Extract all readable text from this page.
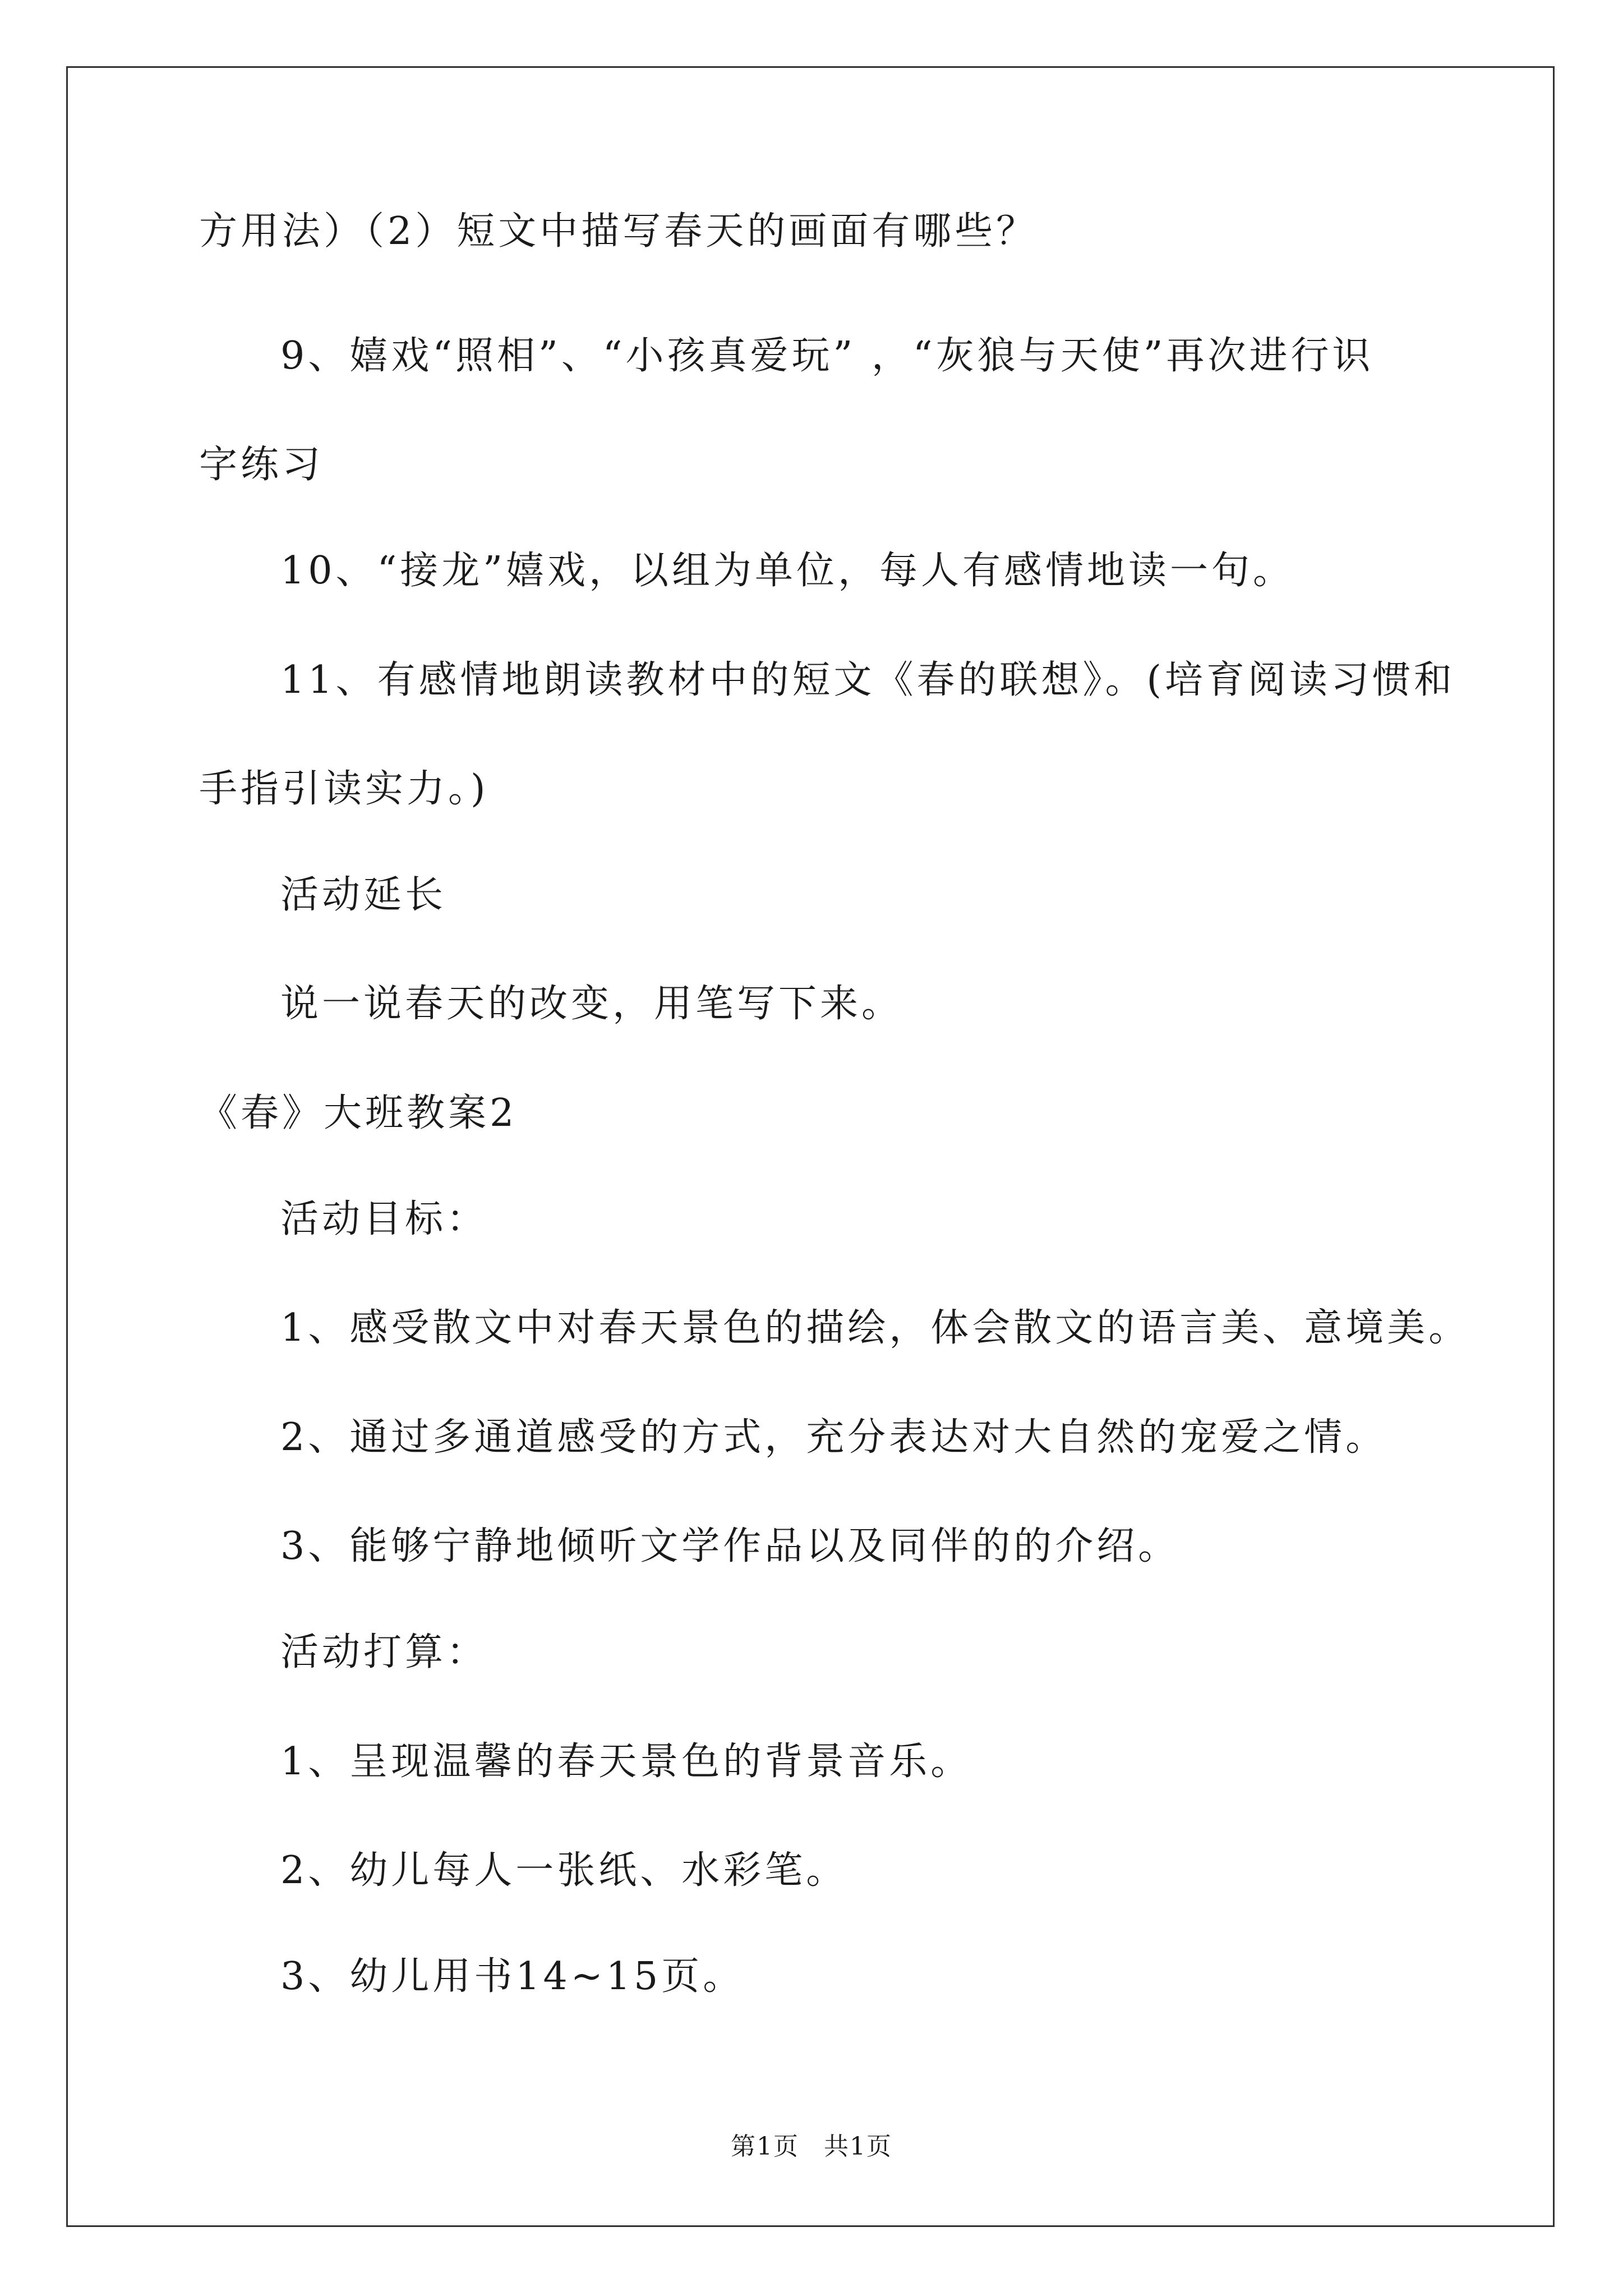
方用法）（2）短文中描写春天的画面有哪些？
9、嬉戏“照相”、“小孩真爱玩” ，“灰狼与天使”再次进行识
字练习
10、“接龙”嬉戏，以组为单位，每人有感情地读一句。
11、有感情地朗读教材中的短文《春的联想》。(培育阅读习惯和
手指引读实力。)
活动延长
说一说春天的改变，用笔写下来。
《春》大班教案2
活动目标：
1、感受散文中对春天景色的描绘，体会散文的语言美、意境美。
2、通过多通道感受的方式，充分表达对大自然的宠爱之情。
3、能够宁静地倾听文学作品以及同伴的的介绍。
活动打算：
1、呈现温馨的春天景色的背景音乐。
2、幼儿每人一张纸、水彩笔。
3、幼儿用书14~15页。
第1页 共1页
